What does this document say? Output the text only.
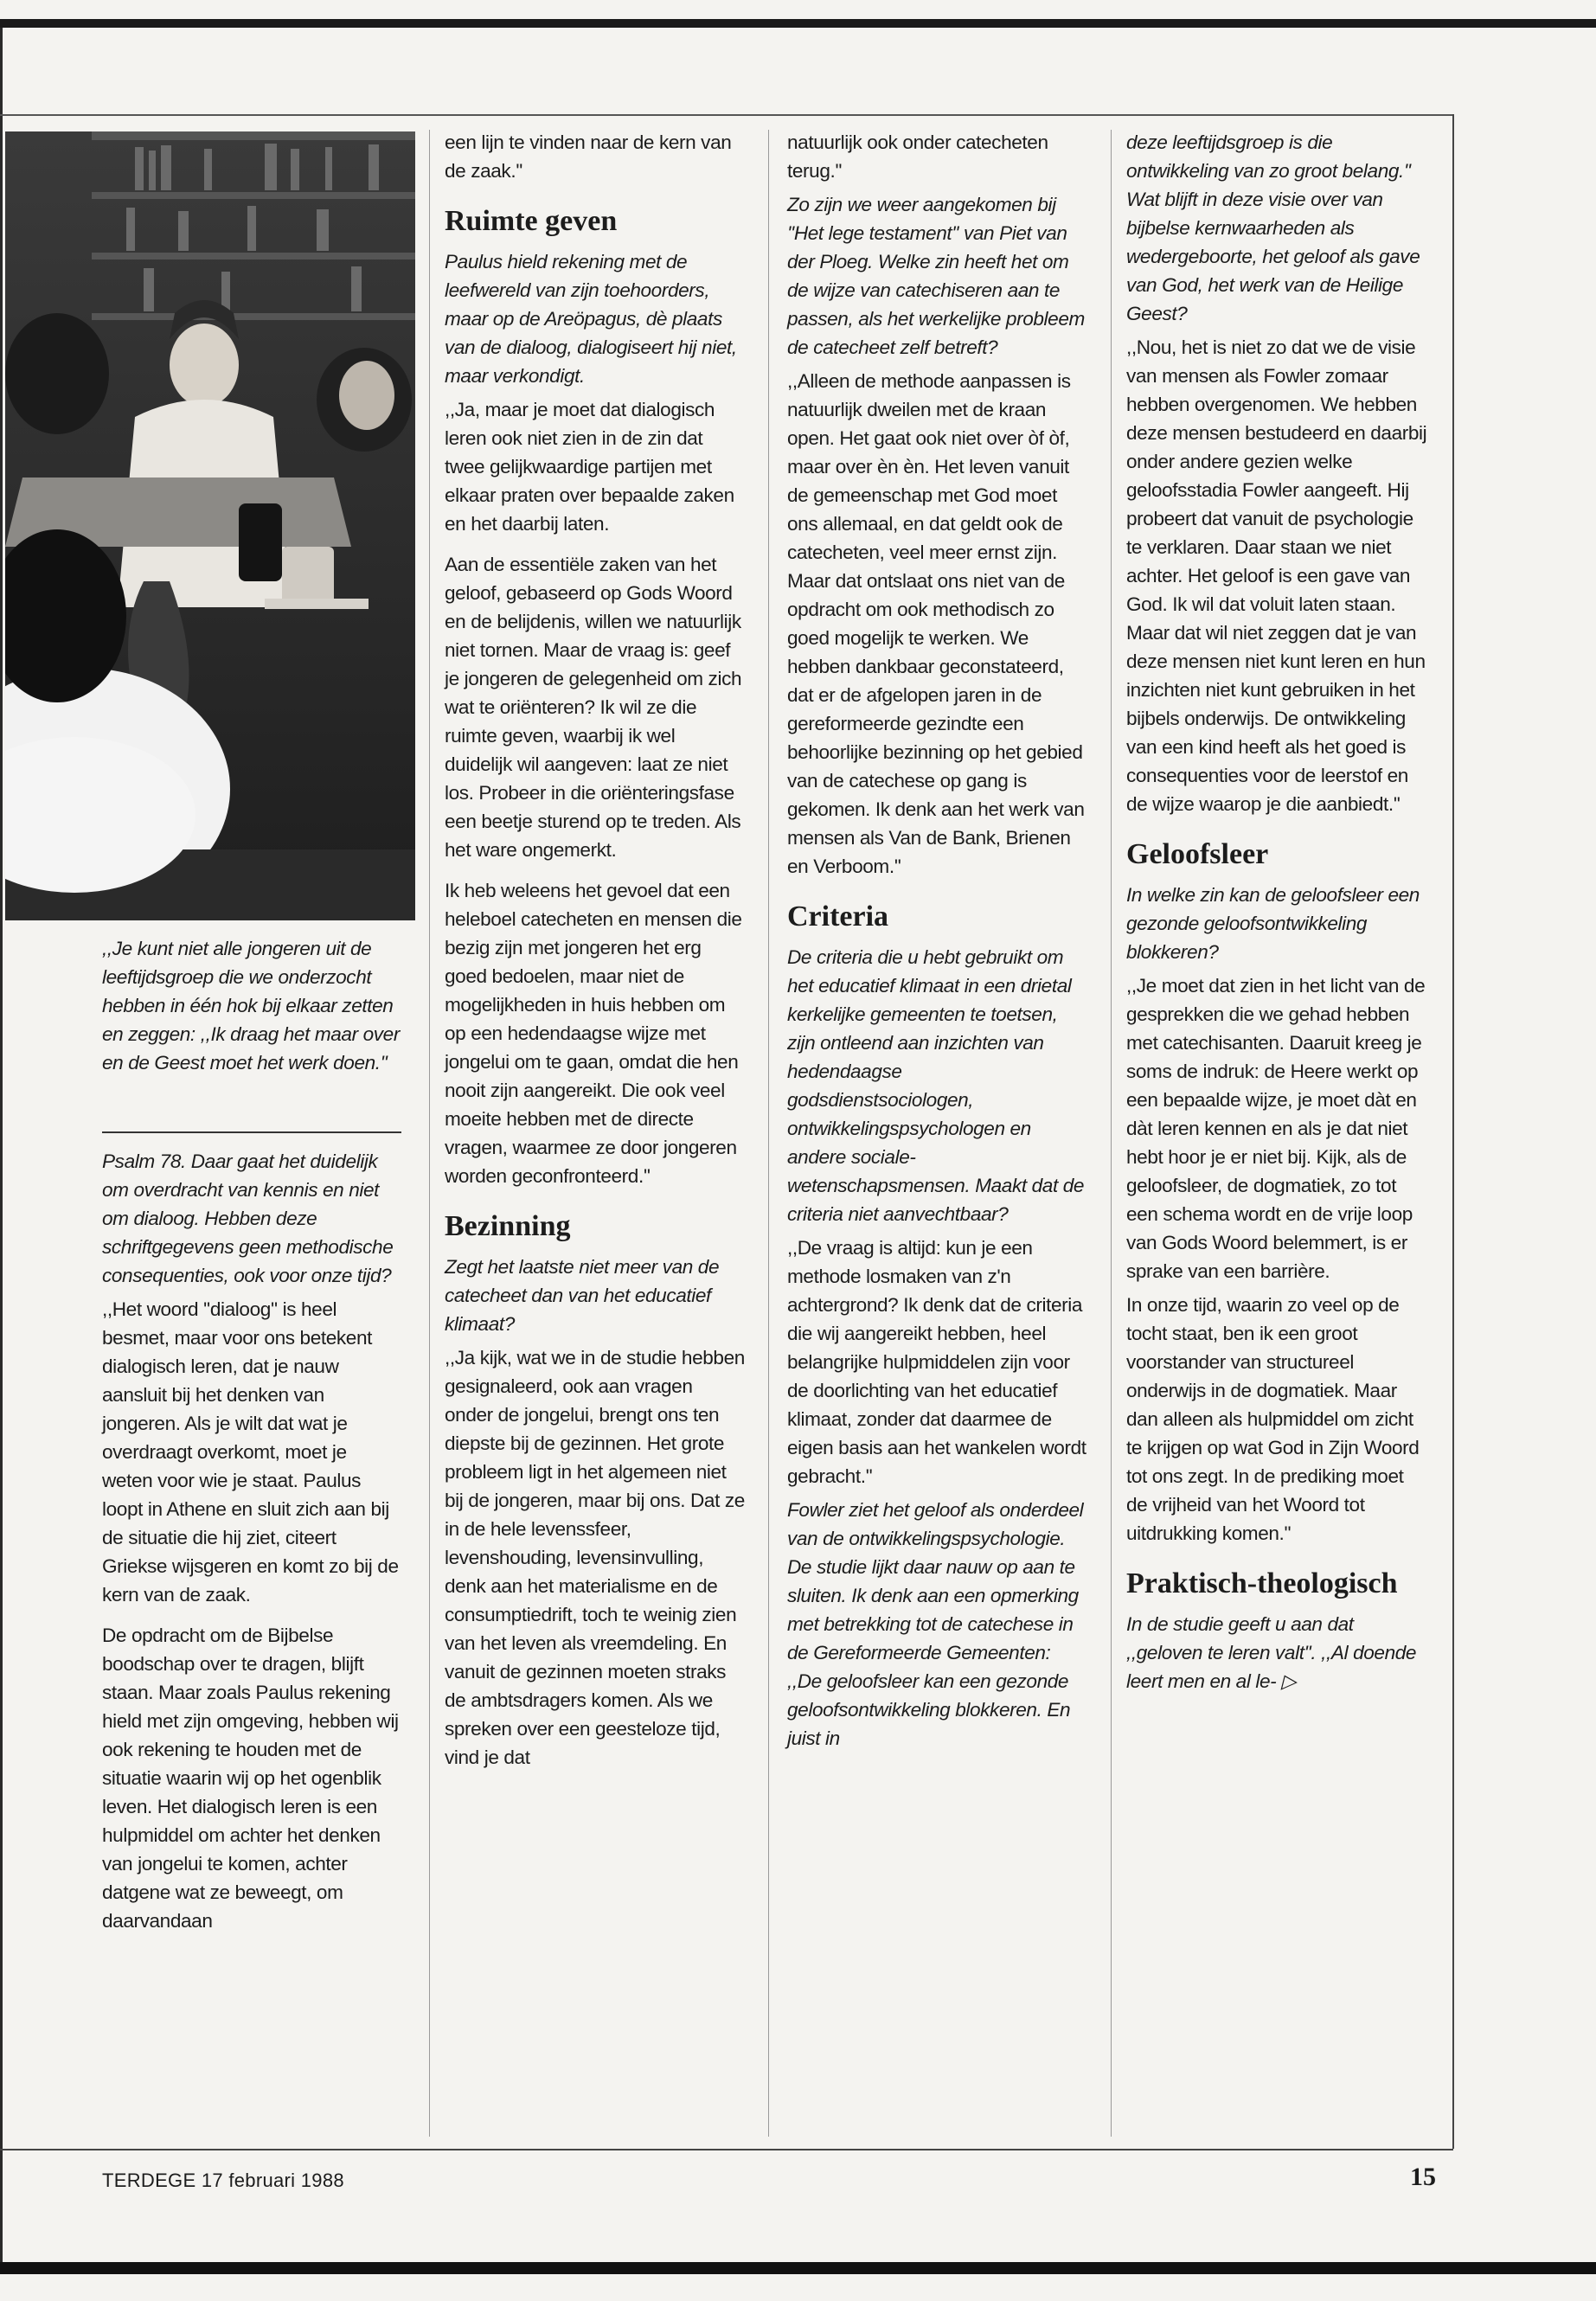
,,Je kunt niet alle jongeren uit de leeftijdsgroep die we onderzocht hebben in één hok bij elkaar zetten en zeggen: ,,Ik draag het maar over en de Geest moet het werk doen.''

Psalm 78. Daar gaat het duidelijk om overdracht van kennis en niet om dialoog. Hebben deze schriftgegevens geen methodische consequenties, ook voor onze tijd?

,,Het woord ''dialoog'' is heel besmet, maar voor ons betekent dialogisch leren, dat je nauw aansluit bij het denken van jongeren. Als je wilt dat wat je overdraagt overkomt, moet je weten voor wie je staat. Paulus loopt in Athene en sluit zich aan bij de situatie die hij ziet, citeert Griekse wijsgeren en komt zo bij de kern van de zaak.

De opdracht om de Bijbelse boodschap over te dragen, blijft staan. Maar zoals Paulus rekening hield met zijn omgeving, hebben wij ook rekening te houden met de situatie waarin wij op het ogenblik leven. Het dialogisch leren is een hulpmiddel om achter het denken van jongelui te komen, achter datgene wat ze beweegt, om daarvandaan

een lijn te vinden naar de kern van de zaak.''

Ruimte geven

Paulus hield rekening met de leefwereld van zijn toehoorders, maar op de Areöpagus, dè plaats van de dialoog, dialogiseert hij niet, maar verkondigt.

,,Ja, maar je moet dat dialogisch leren ook niet zien in de zin dat twee gelijkwaardige partijen met elkaar praten over bepaalde zaken en het daarbij laten.

Aan de essentiële zaken van het geloof, gebaseerd op Gods Woord en de belijdenis, willen we natuurlijk niet tornen. Maar de vraag is: geef je jongeren de gelegenheid om zich wat te oriënteren? Ik wil ze die ruimte geven, waarbij ik wel duidelijk wil aangeven: laat ze niet los. Probeer in die oriënteringsfase een beetje sturend op te treden. Als het ware ongemerkt.

Ik heb weleens het gevoel dat een heleboel catecheten en mensen die bezig zijn met jongeren het erg goed bedoelen, maar niet de mogelijkheden in huis hebben om op een hedendaagse wijze met jongelui om te gaan, omdat die hen nooit zijn aangereikt. Die ook veel moeite hebben met de directe vragen, waarmee ze door jongeren worden geconfronteerd.''

Bezinning

Zegt het laatste niet meer van de catecheet dan van het educatief klimaat?

,,Ja kijk, wat we in de studie hebben gesignaleerd, ook aan vragen onder de jongelui, brengt ons ten diepste bij de gezinnen. Het grote probleem ligt in het algemeen niet bij de jongeren, maar bij ons. Dat ze in de hele levenssfeer, levenshouding, levensinvulling, denk aan het materialisme en de consumptiedrift, toch te weinig zien van het leven als vreemdeling. En vanuit de gezinnen moeten straks de ambtsdragers komen. Als we spreken over een geesteloze tijd, vind je dat

natuurlijk ook onder catecheten terug.''

Zo zijn we weer aangekomen bij ''Het lege testament'' van Piet van der Ploeg. Welke zin heeft het om de wijze van catechiseren aan te passen, als het werkelijke probleem de catecheet zelf betreft?

,,Alleen de methode aanpassen is natuurlijk dweilen met de kraan open. Het gaat ook niet over òf òf, maar over èn èn. Het leven vanuit de gemeenschap met God moet ons allemaal, en dat geldt ook de catecheten, veel meer ernst zijn. Maar dat ontslaat ons niet van de opdracht om ook methodisch zo goed mogelijk te werken. We hebben dankbaar geconstateerd, dat er de afgelopen jaren in de gereformeerde gezindte een behoorlijke bezinning op het gebied van de catechese op gang is gekomen. Ik denk aan het werk van mensen als Van de Bank, Brienen en Verboom.''

Criteria

De criteria die u hebt gebruikt om het educatief klimaat in een drietal kerkelijke gemeenten te toetsen, zijn ontleend aan inzichten van hedendaagse godsdienstsociologen, ontwikkelingspsychologen en andere sociale-wetenschapsmensen. Maakt dat de criteria niet aanvechtbaar?

,,De vraag is altijd: kun je een methode losmaken van z'n achtergrond? Ik denk dat de criteria die wij aangereikt hebben, heel belangrijke hulpmiddelen zijn voor de doorlichting van het educatief klimaat, zonder dat daarmee de eigen basis aan het wankelen wordt gebracht.''

Fowler ziet het geloof als onderdeel van de ontwikkelingspsychologie. De studie lijkt daar nauw op aan te sluiten. Ik denk aan een opmerking met betrekking tot de catechese in de Gereformeerde Gemeenten: ,,De geloofsleer kan een gezonde geloofsontwikkeling blokkeren. En juist in

deze leeftijdsgroep is die ontwikkeling van zo groot belang.'' Wat blijft in deze visie over van bijbelse kernwaarheden als wedergeboorte, het geloof als gave van God, het werk van de Heilige Geest?

,,Nou, het is niet zo dat we de visie van mensen als Fowler zomaar hebben overgenomen. We hebben deze mensen bestudeerd en daarbij onder andere gezien welke geloofsstadia Fowler aangeeft. Hij probeert dat vanuit de psychologie te verklaren. Daar staan we niet achter. Het geloof is een gave van God. Ik wil dat voluit laten staan. Maar dat wil niet zeggen dat je van deze mensen niet kunt leren en hun inzichten niet kunt gebruiken in het bijbels onderwijs. De ontwikkeling van een kind heeft als het goed is consequenties voor de leerstof en de wijze waarop je die aanbiedt.''

Geloofsleer

In welke zin kan de geloofsleer een gezonde geloofsontwikkeling blokkeren?

,,Je moet dat zien in het licht van de gesprekken die we gehad hebben met catechisanten. Daaruit kreeg je soms de indruk: de Heere werkt op een bepaalde wijze, je moet dàt en dàt leren kennen en als je dat niet hebt hoor je er niet bij. Kijk, als de geloofsleer, de dogmatiek, zo tot een schema wordt en de vrije loop van Gods Woord belemmert, is er sprake van een barrière.

In onze tijd, waarin zo veel op de tocht staat, ben ik een groot voorstander van structureel onderwijs in de dogmatiek. Maar dan alleen als hulpmiddel om zicht te krijgen op wat God in Zijn Woord tot ons zegt. In de prediking moet de vrijheid van het Woord tot uitdrukking komen.''

Praktisch-theologisch

In de studie geeft u aan dat ,,geloven te leren valt''. ,,Al doende leert men en al le- ▷

TERDEGE 17 februari 1988	15
